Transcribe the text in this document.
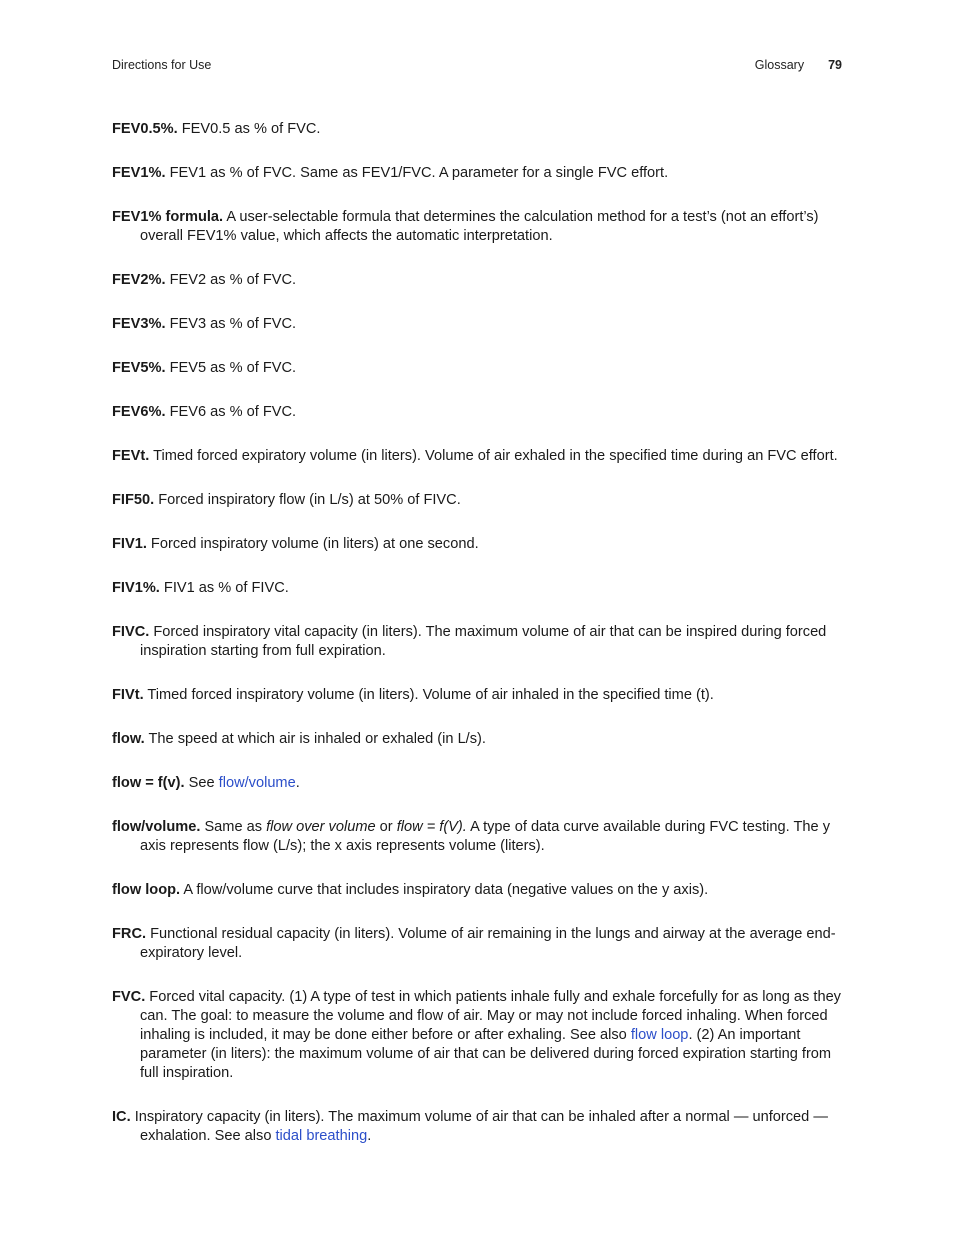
Directions for Use	Glossary 79

FEV0.5%. FEV0.5 as % of FVC.

FEV1%. FEV1 as % of FVC. Same as FEV1/FVC. A parameter for a single FVC effort.

FEV1% formula. A user-selectable formula that determines the calculation method for a test’s (not an effort’s) overall FEV1% value, which affects the automatic interpretation.

FEV2%. FEV2 as % of FVC.

FEV3%. FEV3 as % of FVC.

FEV5%. FEV5 as % of FVC.

FEV6%. FEV6 as % of FVC.

FEVt. Timed forced expiratory volume (in liters). Volume of air exhaled in the specified time during an FVC effort.

FIF50. Forced inspiratory flow (in L/s) at 50% of FIVC.

FIV1. Forced inspiratory volume (in liters) at one second.

FIV1%. FIV1 as % of FIVC.

FIVC. Forced inspiratory vital capacity (in liters). The maximum volume of air that can be inspired during forced inspiration starting from full expiration.

FIVt. Timed forced inspiratory volume (in liters). Volume of air inhaled in the specified time (t).

flow. The speed at which air is inhaled or exhaled (in L/s).

flow = f(v). See flow/volume.

flow/volume. Same as flow over volume or flow = f(V). A type of data curve available during FVC testing. The y axis represents flow (L/s); the x axis represents volume (liters).

flow loop. A flow/volume curve that includes inspiratory data (negative values on the y axis).

FRC. Functional residual capacity (in liters). Volume of air remaining in the lungs and airway at the average end-expiratory level.

FVC. Forced vital capacity. (1) A type of test in which patients inhale fully and exhale forcefully for as long as they can. The goal: to measure the volume and flow of air. May or may not include forced inhaling. When forced inhaling is included, it may be done either before or after exhaling. See also flow loop. (2) An important parameter (in liters): the maximum volume of air that can be delivered during forced expiration starting from full inspiration.

IC. Inspiratory capacity (in liters). The maximum volume of air that can be inhaled after a normal — unforced — exhalation. See also tidal breathing.
